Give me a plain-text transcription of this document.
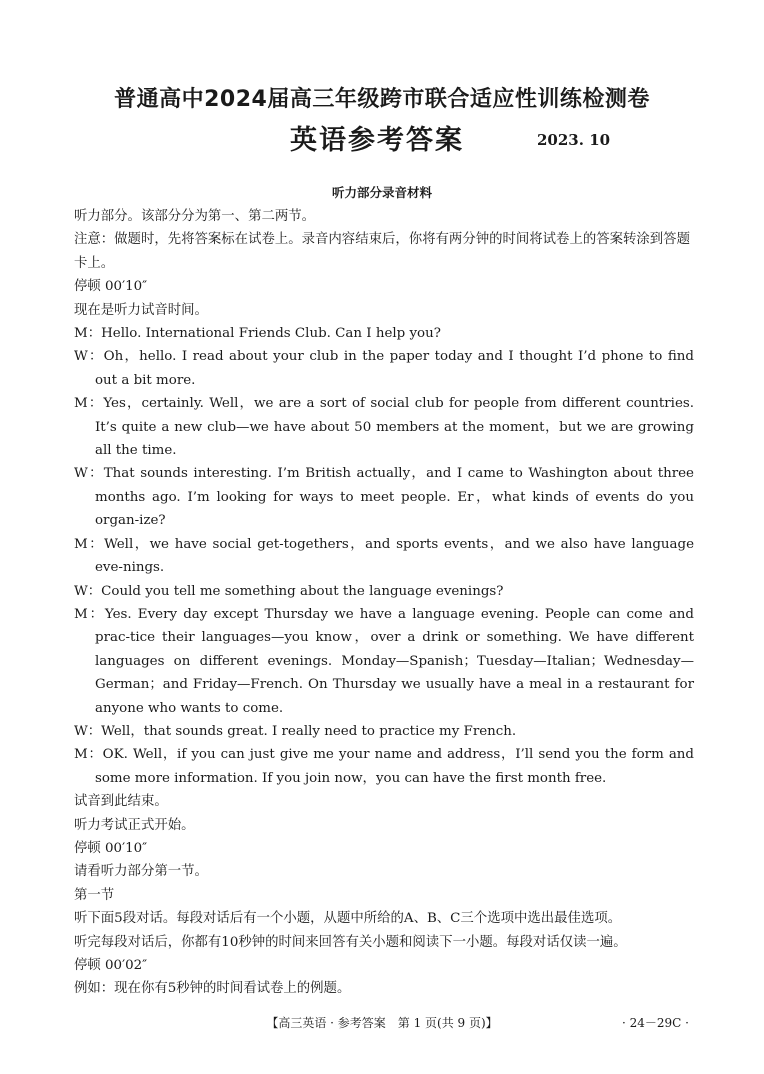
普通高中2024届高三年级跨市联合适应性训练检测卷
英语参考答案	2023. 10
听力部分录音材料

听力部分。该部分分为第一、第二两节。

注意：做题时，先将答案标在试卷上。录音内容结束后，你将有两分钟的时间将试卷上的答案转涂到答题卡上。

停顿 00′10″

现在是听力试音时间。

M：Hello. International Friends Club. Can I help you?

W：Oh，hello. I read about your club in the paper today and I thought I’d phone to find out a bit more.

M：Yes，certainly. Well，we are a sort of social club for people from different countries. It’s quite a new club—we have about 50 members at the moment，but we are growing all the time.

W：That sounds interesting. I’m British actually，and I came to Washington about three months ago. I’m looking for ways to meet people. Er，what kinds of events do you organ-ize?

M：Well，we have social get-togethers，and sports events，and we also have language eve-nings.

W：Could you tell me something about the language evenings?

M：Yes. Every day except Thursday we have a language evening. People can come and prac-tice their languages—you know，over a drink or something. We have different languages on different evenings. Monday—Spanish；Tuesday—Italian；Wednesday—German；and Friday—French. On Thursday we usually have a meal in a restaurant for anyone who wants to come.

W：Well，that sounds great. I really need to practice my French.

M：OK. Well，if you can just give me your name and address，I’ll send you the form and some more information. If you join now，you can have the first month free.

试音到此结束。

听力考试正式开始。

停顿 00′10″

请看听力部分第一节。

第一节

听下面5段对话。每段对话后有一个小题，从题中所给的A、B、C三个选项中选出最佳选项。

听完每段对话后，你都有10秒钟的时间来回答有关小题和阅读下一小题。每段对话仅读一遍。

停顿 00′02″

例如：现在你有5秒钟的时间看试卷上的例题。

【高三英语 · 参考答案　第 1 页(共 9 页)】	· 24－29C ·
